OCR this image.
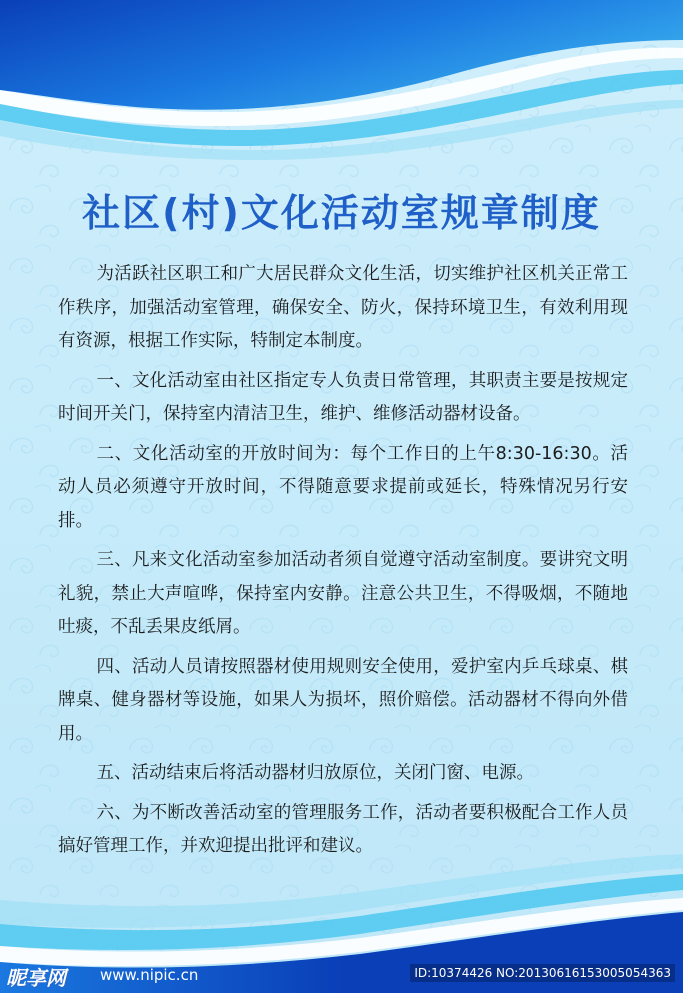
社区(村)文化活动室规章制度

为活跃社区职工和广大居民群众文化生活，切实维护社区机关正常工作秩序，加强活动室管理，确保安全、防火，保持环境卫生，有效利用现有资源，根据工作实际，特制定本制度。

一、文化活动室由社区指定专人负责日常管理，其职责主要是按规定时间开关门，保持室内清洁卫生，维护、维修活动器材设备。

二、文化活动室的开放时间为：每个工作日的上午8:30-16:30。活动人员必须遵守开放时间，不得随意要求提前或延长，特殊情况另行安排。

三、凡来文化活动室参加活动者须自觉遵守活动室制度。要讲究文明礼貌，禁止大声喧哗，保持室内安静。注意公共卫生，不得吸烟，不随地吐痰，不乱丢果皮纸屑。

四、活动人员请按照器材使用规则安全使用，爱护室内乒乓球桌、棋牌桌、健身器材等设施，如果人为损坏，照价赔偿。活动器材不得向外借用。

五、活动结束后将活动器材归放原位，关闭门窗、电源。

六、为不断改善活动室的管理服务工作，活动者要积极配合工作人员搞好管理工作，并欢迎提出批评和建议。

昵享网 www.nipic.cn	ID:10374426 NO:20130616153005054363
